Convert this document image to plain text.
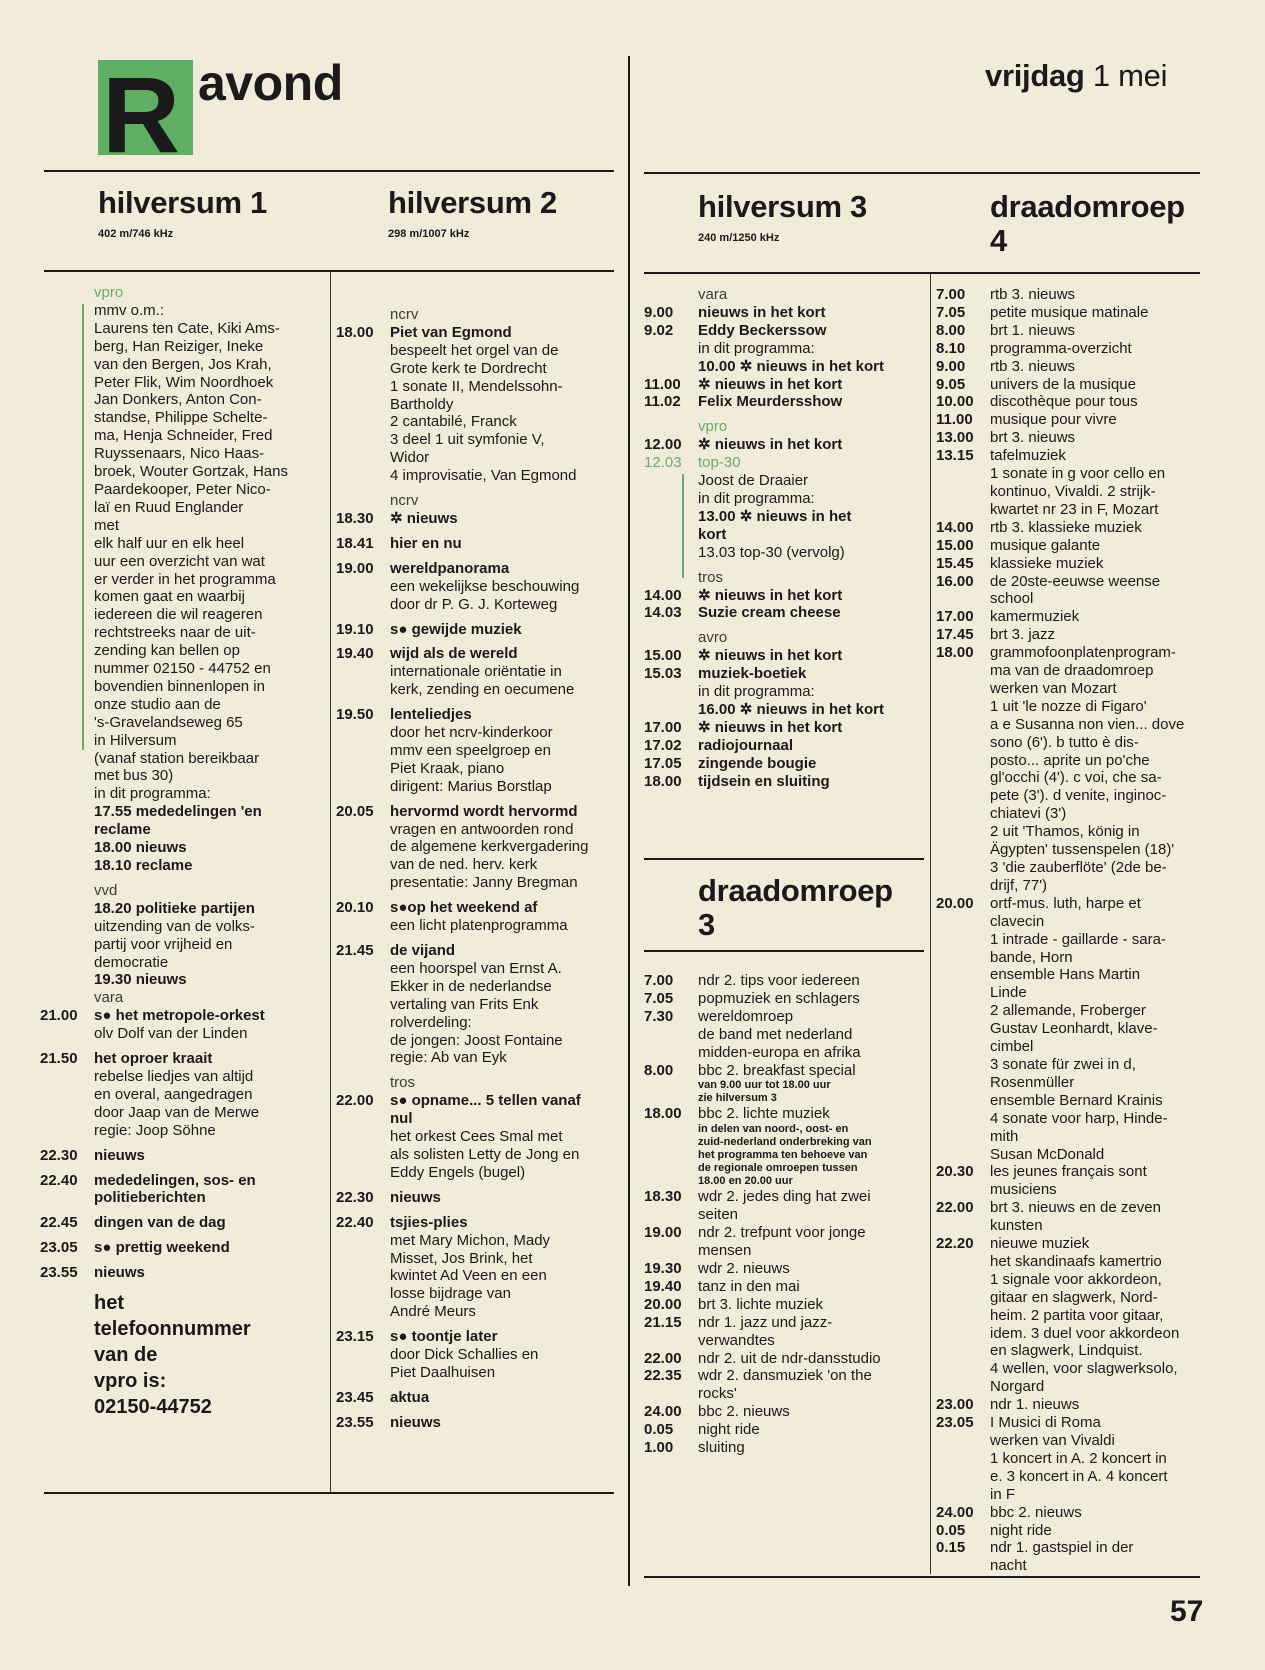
R avond	vrijdag 1 mei
hilversum 1
402 m/746 kHz
hilversum 2
298 m/1007 kHz
hilversum 3
240 m/1250 kHz
draadomroep
4
draadomroep
3
vpro
mmv o.m.:
Laurens ten Cate, Kiki Ams-
berg, Han Reiziger, Ineke
van den Bergen, Jos Krah,
Peter Flik, Wim Noordhoek
Jan Donkers, Anton Con-
standse, Philippe Schelte-
ma, Henja Schneider, Fred
Ruyssenaars, Nico Haas-
broek, Wouter Gortzak, Hans
Paardekooper, Peter Nico-
laï en Ruud Englander
met
elk half uur en elk heel
uur een overzicht van wat
er verder in het programma
komen gaat en waarbij
iedereen die wil reageren
rechtstreeks naar de uit-
zending kan bellen op
nummer 02150 - 44752 en
bovendien binnenlopen in
onze studio aan de
's-Gravelandseweg 65
in Hilversum
(vanaf station bereikbaar
met bus 30)
in dit programma:
17.55 mededelingen 'en
reclame
18.00 nieuws
18.10 reclame
vvd
18.20 politieke partijen
uitzending van de volks-
partij voor vrijheid en
democratie
19.30 nieuws
vara
21.00 s● het metropole-orkest
olv Dolf van der Linden
21.50 het oproer kraait
rebelse liedjes van altijd
en overal, aangedragen
door Jaap van de Merwe
regie: Joop Söhne
22.30 nieuws
22.40 mededelingen, sos- en
politieberichten
22.45 dingen van de dag
23.05 s● prettig weekend
23.55 nieuws
ncrv
18.00 Piet van Egmond
bespeelt het orgel van de
Grote kerk te Dordrecht
1 sonate II, Mendelssohn-
Bartholdy
2 cantabilé, Franck
3 deel 1 uit symfonie V,
Widor
4 improvisatie, Van Egmond
ncrv
18.30 ✲ nieuws
18.41 hier en nu
19.00 wereldpanorama
een wekelijkse beschouwing
door dr P. G. J. Korteweg
19.10 s● gewijde muziek
19.40 wijd als de wereld
internationale oriëntatie in
kerk, zending en oecumene
19.50 lenteliedjes
door het ncrv-kinderkoor
mmv een speelgroep en
Piet Kraak, piano
dirigent: Marius Borstlap
20.05 hervormd wordt hervormd
vragen en antwoorden rond
de algemene kerkvergadering
van de ned. herv. kerk
presentatie: Janny Bregman
20.10 s●op het weekend af
een licht platenprogramma
21.45 de vijand
een hoorspel van Ernst A.
Ekker in de nederlandse
vertaling van Frits Enk
rolverdeling:
de jongen: Joost Fontaine
regie: Ab van Eyk
tros
22.00 s● opname... 5 tellen vanaf
nul
het orkest Cees Smal met
als solisten Letty de Jong en
Eddy Engels (bugel)
22.30 nieuws
22.40 tsjies-plies
met Mary Michon, Mady
Misset, Jos Brink, het
kwintet Ad Veen en een
losse bijdrage van
André Meurs
23.15 s● toontje later
door Dick Schallies en
Piet Daalhuisen
23.45 aktua
23.55 nieuws
vara
9.00 nieuws in het kort
9.02 Eddy Beckerssow
in dit programma:
10.00 ✲ nieuws in het kort
11.00 ✲ nieuws in het kort
11.02 Felix Meurdersshow
vpro
12.00 ✲ nieuws in het kort
12.03 top-30
Joost de Draaier
in dit programma:
13.00 ✲ nieuws in het
kort
13.03 top-30 (vervolg)
tros
14.00 ✲ nieuws in het kort
14.03 Suzie cream cheese
avro
15.00 ✲ nieuws in het kort
15.03 muziek-boetiek
in dit programma:
16.00 ✲ nieuws in het kort
17.00 ✲ nieuws in het kort
17.02 radiojournaal
17.05 zingende bougie
18.00 tijdsein en sluiting
7.00 ndr 2. tips voor iedereen
7.05 popmuziek en schlagers
7.30 wereldomroep
de band met nederland
midden-europa en afrika
8.00 bbc 2. breakfast special
van 9.00 uur tot 18.00 uur
zie hilversum 3
18.00 bbc 2. lichte muziek
in delen van noord-, oost- en
zuid-nederland onderbreking van
het programma ten behoeve van
de regionale omroepen tussen
18.00 en 20.00 uur
18.30 wdr 2. jedes ding hat zwei
seiten
19.00 ndr 2. trefpunt voor jonge
mensen
19.30 wdr 2. nieuws
19.40 tanz in den mai
20.00 brt 3. lichte muziek
21.15 ndr 1. jazz und jazz-
verwandtes
22.00 ndr 2. uit de ndr-dansstudio
22.35 wdr 2. dansmuziek 'on the
rocks'
24.00 bbc 2. nieuws
0.05 night ride
1.00 sluiting
7.00 rtb 3. nieuws
7.05 petite musique matinale
8.00 brt 1. nieuws
8.10 programma-overzicht
9.00 rtb 3. nieuws
9.05 univers de la musique
10.00 discothèque pour tous
11.00 musique pour vivre
13.00 brt 3. nieuws
13.15 tafelmuziek
1 sonate in g voor cello en
kontinuo, Vivaldi. 2 strijk-
kwartet nr 23 in F, Mozart
14.00 rtb 3. klassieke muziek
15.00 musique galante
15.45 klassieke muziek
16.00 de 20ste-eeuwse weense
school
17.00 kamermuziek
17.45 brt 3. jazz
18.00 grammofoonplatenprogram-
ma van de draadomroep
werken van Mozart
1 uit 'le nozze di Figaro'
a e Susanna non vien... dove
sono (6'). b tutto è dis-
posto... aprite un po'che
gl'occhi (4'). c voi, che sa-
pete (3'). d venite, inginoc-
chiatevi (3')
2 uit 'Thamos, könig in
Ägypten' tussenspelen (18)'
3 'die zauberflöte' (2de be-
drijf, 77')
20.00 ortf-mus. luth, harpe et
clavecin
1 intrade - gaillarde - sara-
bande, Horn
ensemble Hans Martin
Linde
2 allemande, Froberger
Gustav Leonhardt, klave-
cimbel
3 sonate für zwei in d,
Rosenmüller
ensemble Bernard Krainis
4 sonate voor harp, Hinde-
mith
Susan McDonald
20.30 les jeunes français sont
musiciens
22.00 brt 3. nieuws en de zeven
kunsten
22.20 nieuwe muziek
het skandinaafs kamertrio
1 signale voor akkordeon,
gitaar en slagwerk, Nord-
heim. 2 partita voor gitaar,
idem. 3 duel voor akkordeon
en slagwerk, Lindquist.
4 wellen, voor slagwerksolo,
Norgard
23.00 ndr 1. nieuws
23.05 I Musici di Roma
werken van Vivaldi
1 koncert in A. 2 koncert in
e. 3 koncert in A. 4 koncert
in F
24.00 bbc 2. nieuws
0.05 night ride
0.15 ndr 1. gastspiel in der
nacht
het
telefoonnummer
van de
vpro is:
02150-44752
57
